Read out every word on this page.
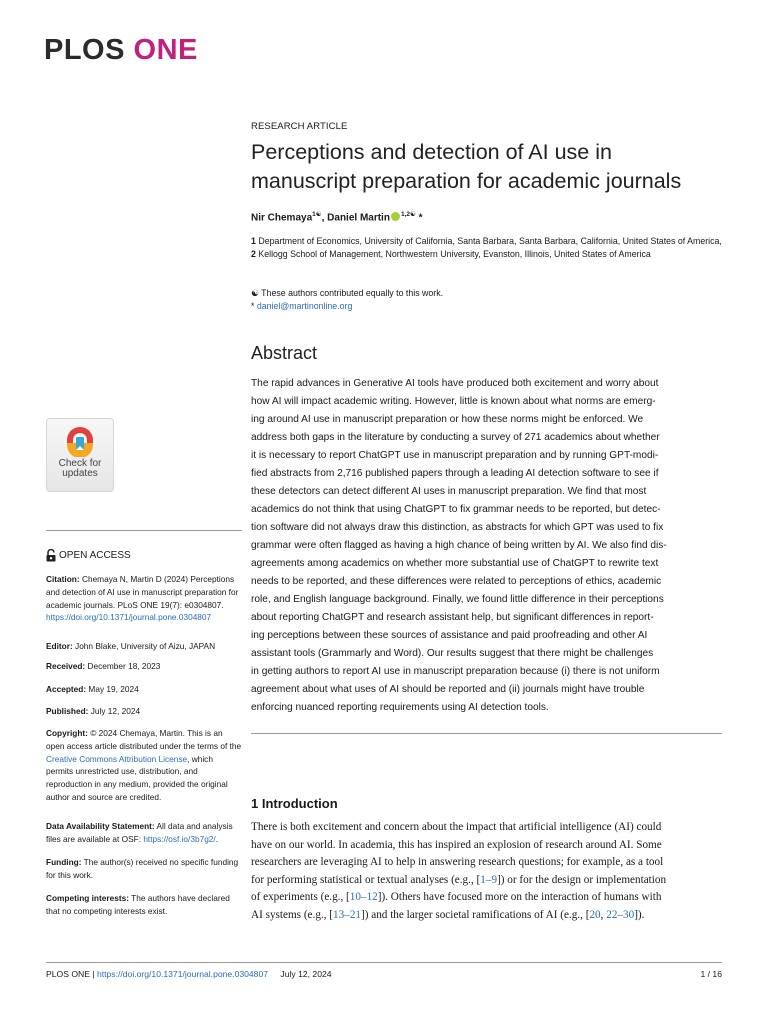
PLOS ONE
Check for
updates
OPEN ACCESS
Citation: Chemaya N, Martin D (2024) Perceptions and detection of AI use in manuscript preparation for academic journals. PLoS ONE 19(7): e0304807. https://doi.org/10.1371/journal.pone.0304807
Editor: John Blake, University of Aizu, JAPAN
Received: December 18, 2023
Accepted: May 19, 2024
Published: July 12, 2024
Copyright: © 2024 Chemaya, Martin. This is an open access article distributed under the terms of the Creative Commons Attribution License, which permits unrestricted use, distribution, and reproduction in any medium, provided the original author and source are credited.
Data Availability Statement: All data and analysis files are available at OSF: https://osf.io/3b7g2/.
Funding: The author(s) received no specific funding for this work.
Competing interests: The authors have declared that no competing interests exist.
RESEARCH ARTICLE
Perceptions and detection of AI use in
manuscript preparation for academic journals
Nir Chemaya$^{1☯}$, Daniel Martin $^{1,2☯}$ *
1 Department of Economics, University of California, Santa Barbara, Santa Barbara, California, United States of America, 2 Kellogg School of Management, Northwestern University, Evanston, Illinois, United States of America
☯ These authors contributed equally to this work.
* daniel@martinonline.org
Abstract
The rapid advances in Generative AI tools have produced both excitement and worry about
how AI will impact academic writing. However, little is known about what norms are emerg-
ing around AI use in manuscript preparation or how these norms might be enforced. We
address both gaps in the literature by conducting a survey of 271 academics about whether
it is necessary to report ChatGPT use in manuscript preparation and by running GPT-modi-
fied abstracts from 2,716 published papers through a leading AI detection software to see if
these detectors can detect different AI uses in manuscript preparation. We find that most
academics do not think that using ChatGPT to fix grammar needs to be reported, but detec-
tion software did not always draw this distinction, as abstracts for which GPT was used to fix
grammar were often flagged as having a high chance of being written by AI. We also find dis-
agreements among academics on whether more substantial use of ChatGPT to rewrite text
needs to be reported, and these differences were related to perceptions of ethics, academic
role, and English language background. Finally, we found little difference in their perceptions
about reporting ChatGPT and research assistant help, but significant differences in report-
ing perceptions between these sources of assistance and paid proofreading and other AI
assistant tools (Grammarly and Word). Our results suggest that there might be challenges
in getting authors to report AI use in manuscript preparation because (i) there is not uniform
agreement about what uses of AI should be reported and (ii) journals might have trouble
enforcing nuanced reporting requirements using AI detection tools.
1 Introduction
There is both excitement and concern about the impact that artificial intelligence (AI) could
have on our world. In academia, this has inspired an explosion of research around AI. Some
researchers are leveraging AI to help in answering research questions; for example, as a tool
for performing statistical or textual analyses (e.g., [1–9]) or for the design or implementation
of experiments (e.g., [10–12]). Others have focused more on the interaction of humans with
AI systems (e.g., [13–21]) and the larger societal ramifications of AI (e.g., [20, 22–30]).
PLOS ONE | https://doi.org/10.1371/journal.pone.0304807 July 12, 2024	1 / 16
